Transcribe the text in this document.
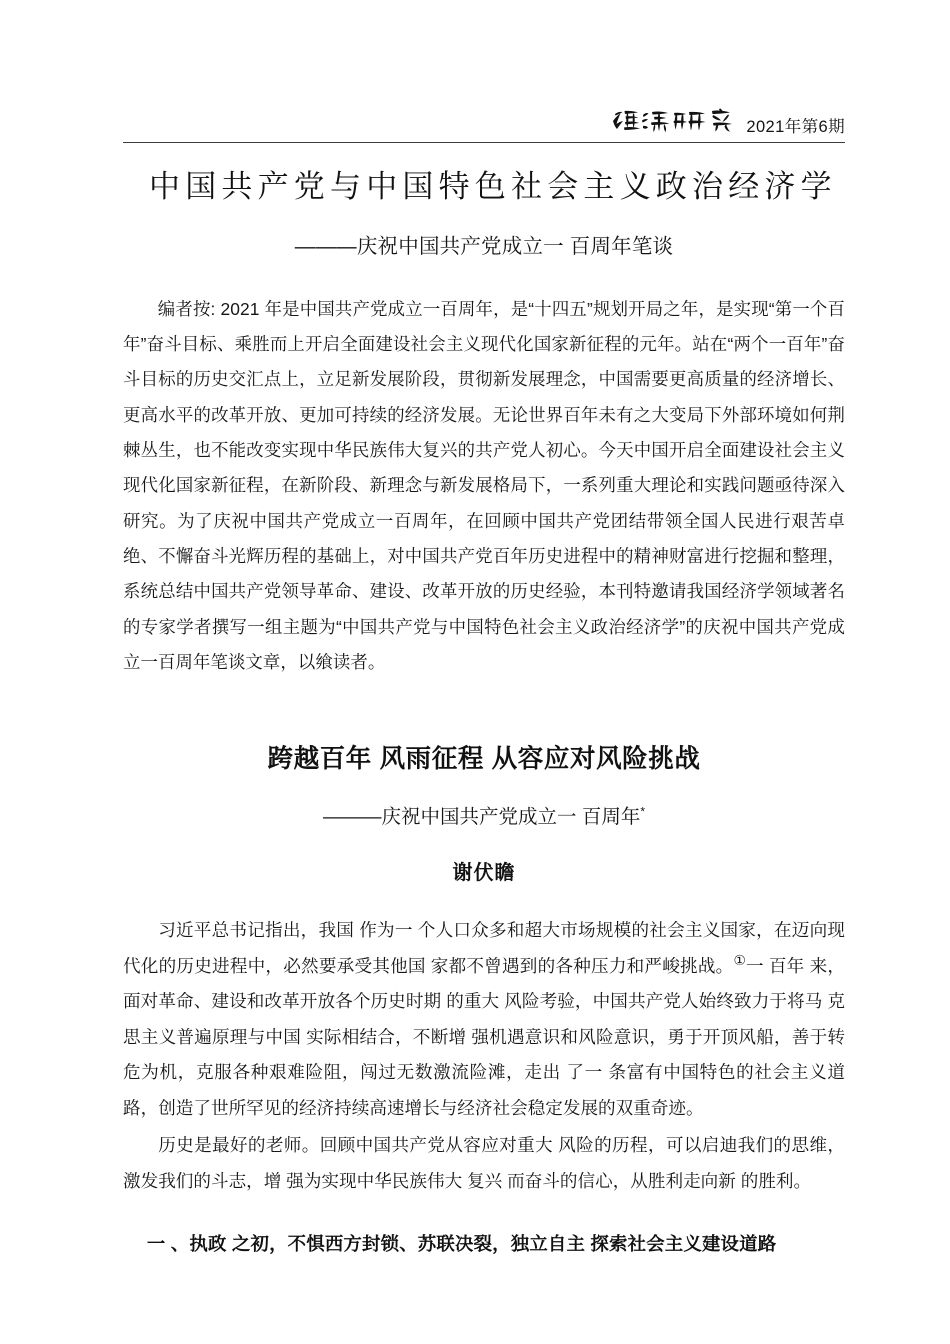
2021年第6期
中国共产党与中国特色社会主义政治经济学
———庆祝中国共产党成立一 百周年笔谈

编者按: 2021 年是中国共产党成立一百周年，是“十四五”规划开局之年，是实现“第一个百年”奋斗目标、乘胜而上开启全面建设社会主义现代化国家新征程的元年。站在“两个一百年”奋斗目标的历史交汇点上，立足新发展阶段，贯彻新发展理念，中国需要更高质量的经济增长、更高水平的改革开放、更加可持续的经济发展。无论世界百年未有之大变局下外部环境如何荆棘丛生，也不能改变实现中华民族伟大复兴的共产党人初心。今天中国开启全面建设社会主义现代化国家新征程，在新阶段、新理念与新发展格局下，一系列重大理论和实践问题亟待深入研究。为了庆祝中国共产党成立一百周年，在回顾中国共产党团结带领全国人民进行艰苦卓绝、不懈奋斗光辉历程的基础上，对中国共产党百年历史进程中的精神财富进行挖掘和整理，系统总结中国共产党领导革命、建设、改革开放的历史经验，本刊特邀请我国经济学领域著名的专家学者撰写一组主题为“中国共产党与中国特色社会主义政治经济学”的庆祝中国共产党成立一百周年笔谈文章，以飨读者。

跨越百年 风雨征程 从容应对风险挑战
———庆祝中国共产党成立一 百周年*
谢伏瞻

习近平总书记指出，我国 作为一 个人口众多和超大市场规模的社会主义国家，在迈向现代化的历史进程中，必然要承受其他国 家都不曾遇到的各种压力和严峻挑战。①一 百年 来，面对革命、建设和改革开放各个历史时期 的重大 风险考验，中国共产党人始终致力于将马 克思主义普遍原理与中国 实际相结合，不断增 强机遇意识和风险意识，勇于开顶风船，善于转危为机，克服各种艰难险阻，闯过无数激流险滩，走出 了一 条富有中国特色的社会主义道路，创造了世所罕见的经济持续高速增长与经济社会稳定发展的双重奇迹。

历史是最好的老师。回顾中国共产党从容应对重大 风险的历程，可以启迪我们的思维，激发我们的斗志，增 强为实现中华民族伟大 复兴 而奋斗的信心，从胜利走向新 的胜利。

一 、执政 之初，不惧西方封锁、苏联决裂，独立自主 探索社会主义建设道路
